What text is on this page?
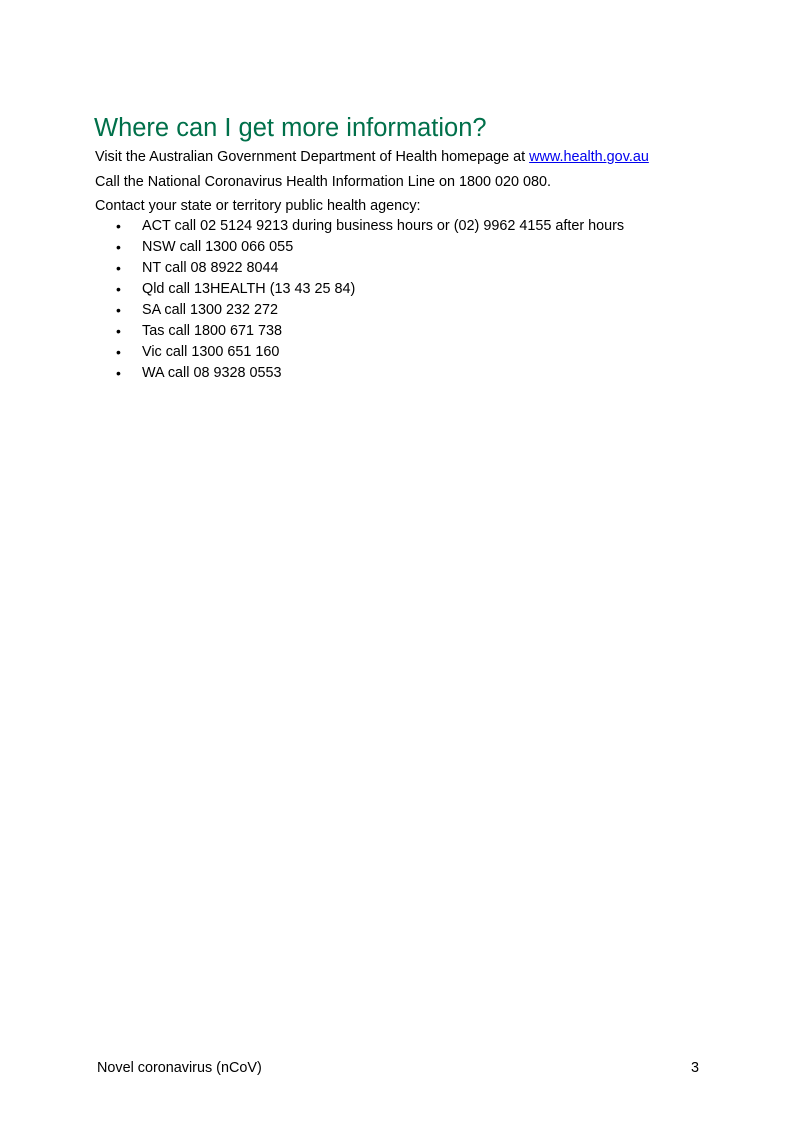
Where can I get more information?

Visit the Australian Government Department of Health homepage at www.health.gov.au

Call the National Coronavirus Health Information Line on 1800 020 080.

Contact your state or territory public health agency:

• ACT call 02 5124 9213 during business hours or (02) 9962 4155 after hours
• NSW call 1300 066 055
• NT call 08 8922 8044
• Qld call 13HEALTH (13 43 25 84)
• SA call 1300 232 272
• Tas call 1800 671 738
• Vic call 1300 651 160
• WA call 08 9328 0553
Novel coronavirus (nCoV)	3
